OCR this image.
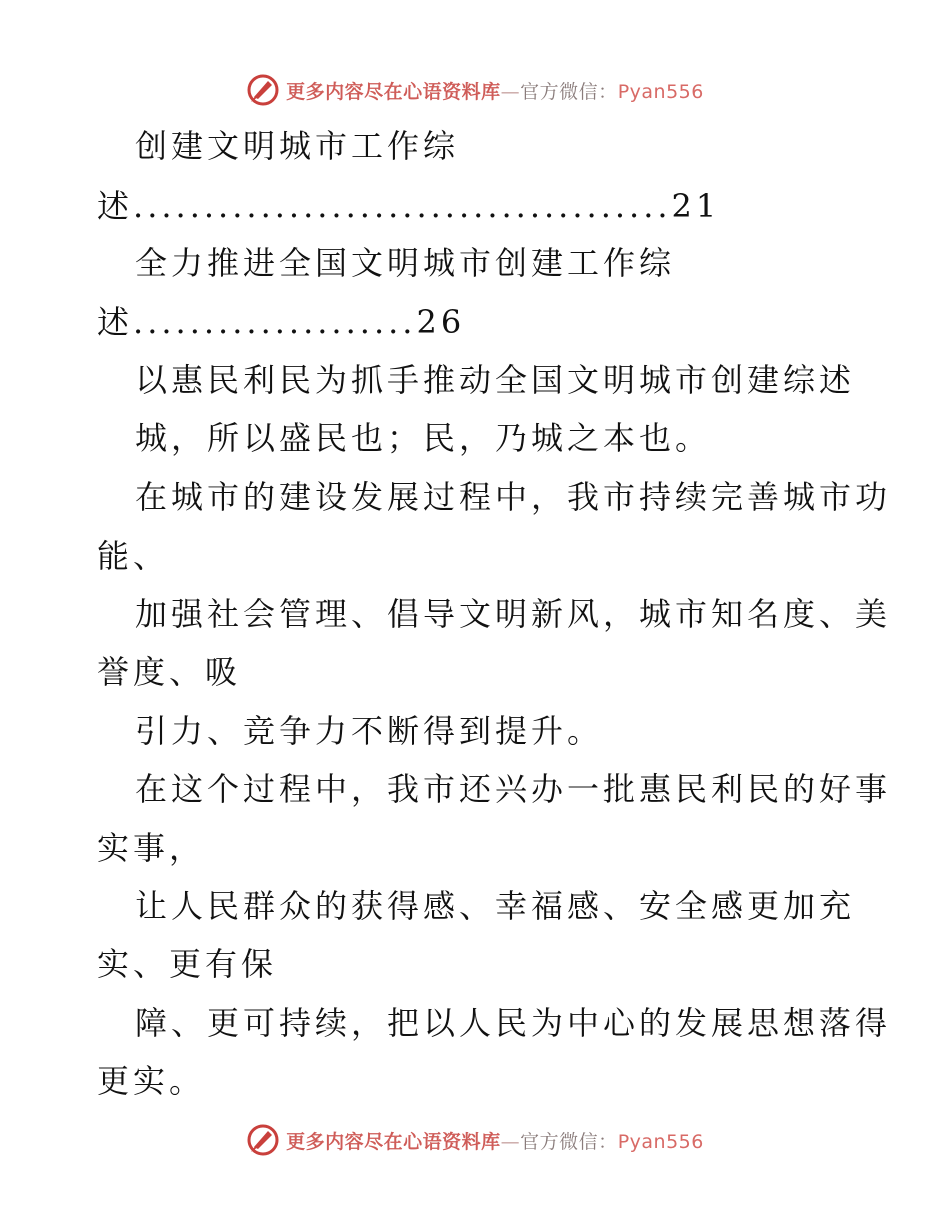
更多内容尽在心语资料库—官方微信：Pyan556
创建文明城市工作综
述 ...................................... 21
全力推进全国文明城市创建工作综
述 .................... 26
以惠民利民为抓手推动全国文明城市创建综述
城，所以盛民也；民，乃城之本也。
在城市的建设发展过程中，我市持续完善城市功
能、
加强社会管理、倡导文明新风，城市知名度、美
誉度、吸
引力、竞争力不断得到提升。
在这个过程中，我市还兴办一批惠民利民的好事
实事，
让人民群众的获得感、幸福感、安全感更加充
实、更有保
障、更可持续，把以人民为中心的发展思想落得
更实。
更多内容尽在心语资料库—官方微信：Pyan556
